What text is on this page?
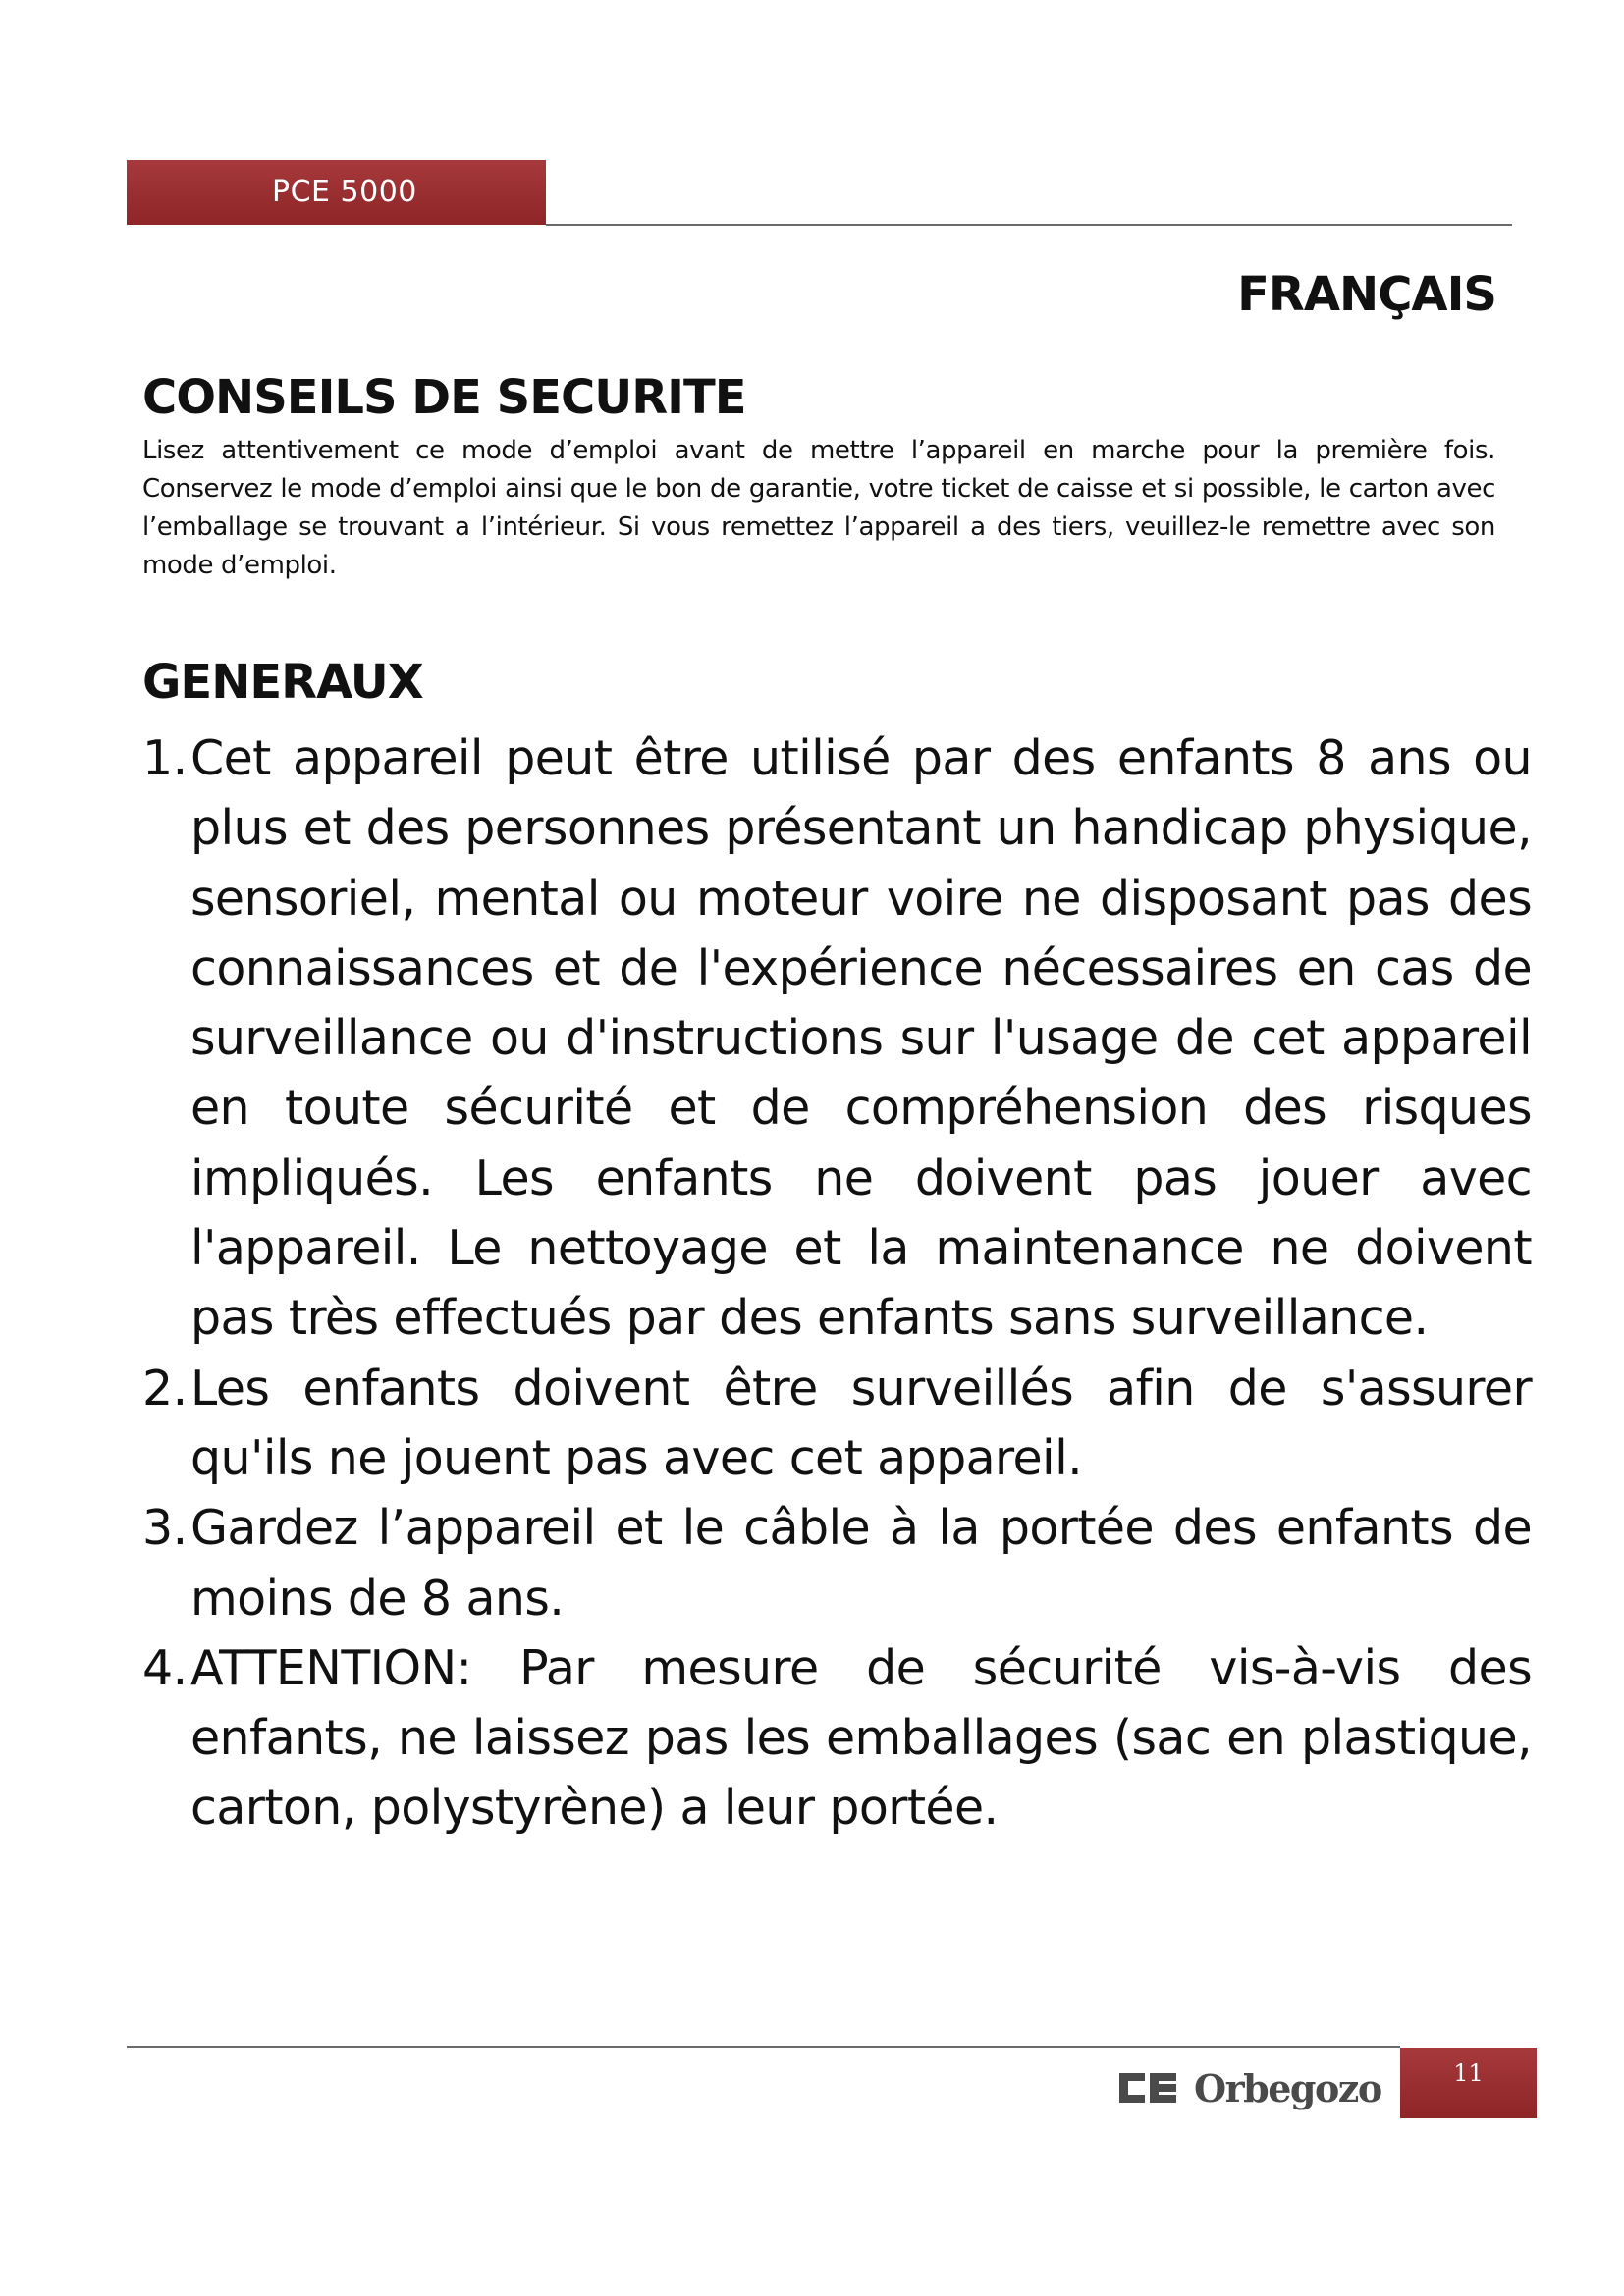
PCE 5000
FRANÇAIS
CONSEILS DE SECURITE

Lisez attentivement ce mode d’emploi avant de mettre l’appareil en marche pour la première fois. Conservez le mode d’emploi ainsi que le bon de garantie, votre ticket de caisse et si possible, le carton avec l’emballage se trouvant a l’intérieur. Si vous remettez l’appareil a des tiers, veuillez-le remettre avec son mode d’emploi.

GENERAUX
1. Cet appareil peut être utilisé par des enfants 8 ans ou plus et des personnes présentant un handicap physique, sensoriel, mental ou moteur voire ne disposant pas des connaissances et de l'expérience nécessaires en cas de surveillance ou d'instructions sur l'usage de cet appareil en toute sécurité et de compréhension des risques impliqués. Les enfants ne doivent pas jouer avec l'appareil. Le nettoyage et la maintenance ne doivent pas très effectués par des enfants sans surveillance.
2. Les enfants doivent être surveillés afin de s'assurer qu'ils ne jouent pas avec cet appareil.
3. Gardez l’appareil et le câble à la portée des enfants de moins de 8 ans.
4. ATTENTION: Par mesure de sécurité vis-à-vis des enfants, ne laissez pas les emballages (sac en plastique, carton, polystyrène) a leur portée.
Orbegozo	11
